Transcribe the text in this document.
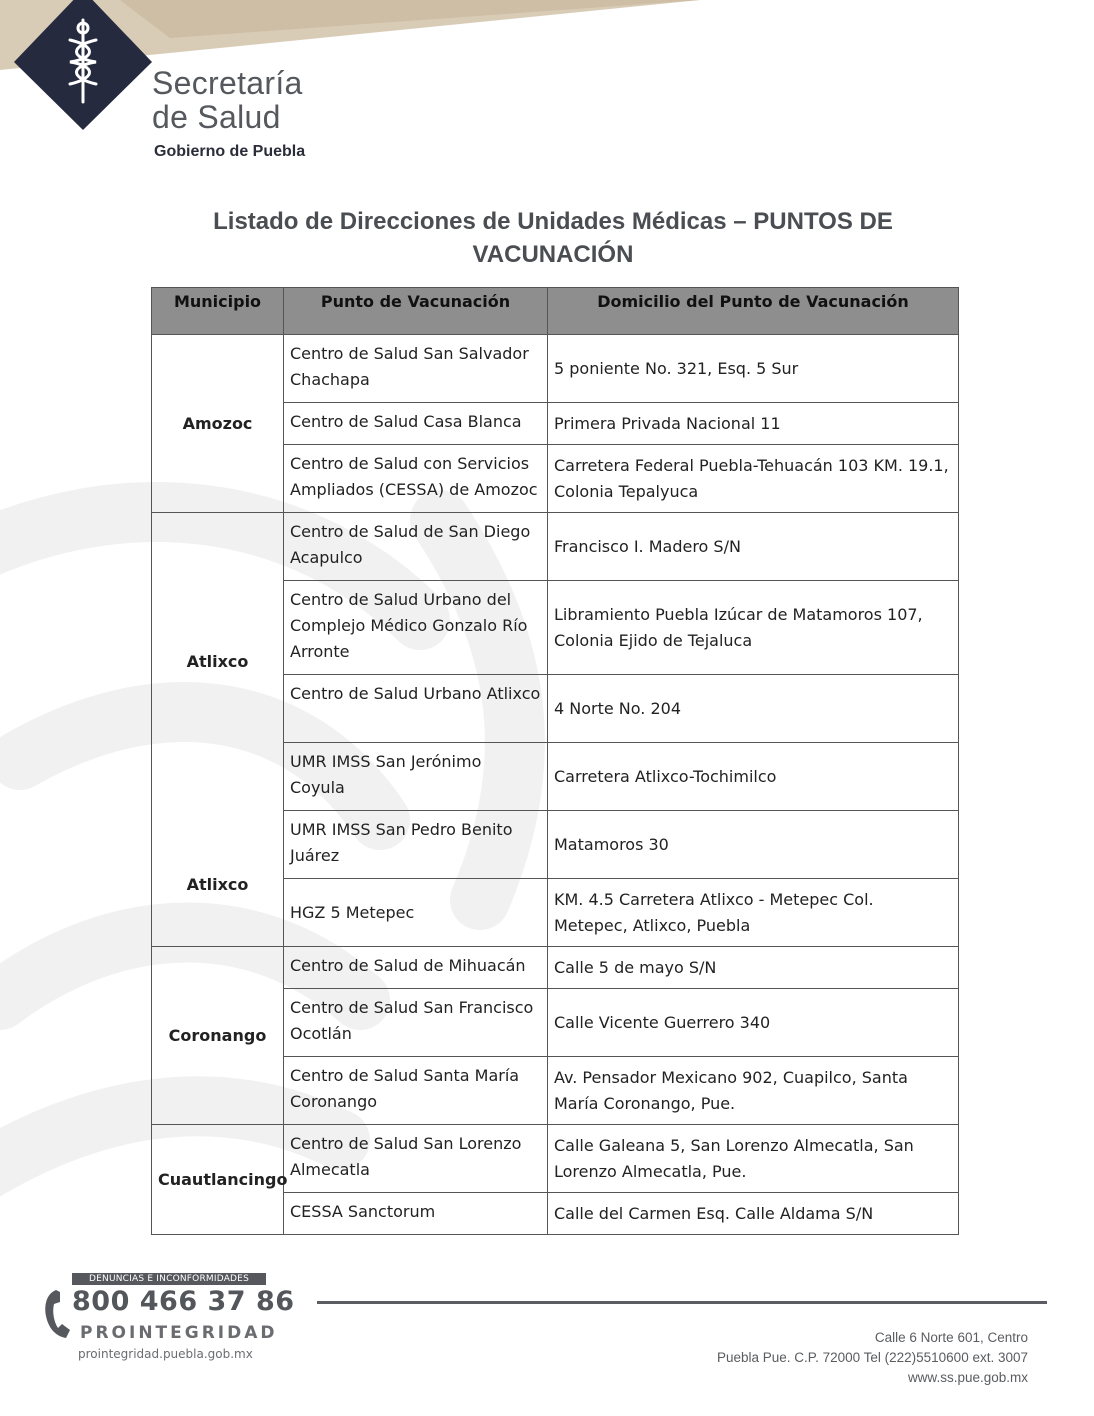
Secretaría
de Salud
Gobierno de Puebla
Listado de Direcciones de Unidades Médicas – PUNTOS DE VACUNACIÓN
Municipio	Punto de Vacunación	Domicilio del Punto de Vacunación
Amozoc	Centro de Salud San Salvador Chachapa	5 poniente No. 321, Esq. 5 Sur
	Centro de Salud Casa Blanca	Primera Privada Nacional 11
	Centro de Salud con Servicios Ampliados (CESSA) de Amozoc	Carretera Federal Puebla-Tehuacán 103 KM. 19.1, Colonia Tepalyuca
Atlixco	Centro de Salud de San Diego Acapulco	Francisco I. Madero S/N
	Centro de Salud Urbano del Complejo Médico Gonzalo Río Arronte	Libramiento Puebla Izúcar de Matamoros 107, Colonia Ejido de Tejaluca
	Centro de Salud Urbano Atlixco	4 Norte No. 204
	UMR IMSS San Jerónimo Coyula	Carretera Atlixco-Tochimilco
Atlixco	UMR IMSS San Pedro Benito Juárez	Matamoros 30
	HGZ 5 Metepec	KM. 4.5 Carretera Atlixco - Metepec Col. Metepec, Atlixco, Puebla
Coronango	Centro de Salud de Mihuacán	Calle 5 de mayo S/N
	Centro de Salud San Francisco Ocotlán	Calle Vicente Guerrero 340
	Centro de Salud Santa María Coronango	Av. Pensador Mexicano 902, Cuapilco, Santa María Coronango, Pue.
Cuautlancingo	Centro de Salud San Lorenzo Almecatla	Calle Galeana 5, San Lorenzo Almecatla, San Lorenzo Almecatla, Pue.
	CESSA Sanctorum	Calle del Carmen Esq. Calle Aldama S/N
DENUNCIAS E INCONFORMIDADES
800 466 37 86
PROINTEGRIDAD
prointegridad.puebla.gob.mx
Calle 6 Norte 601, Centro
Puebla Pue. C.P. 72000 Tel (222)5510600 ext. 3007
www.ss.pue.gob.mx
